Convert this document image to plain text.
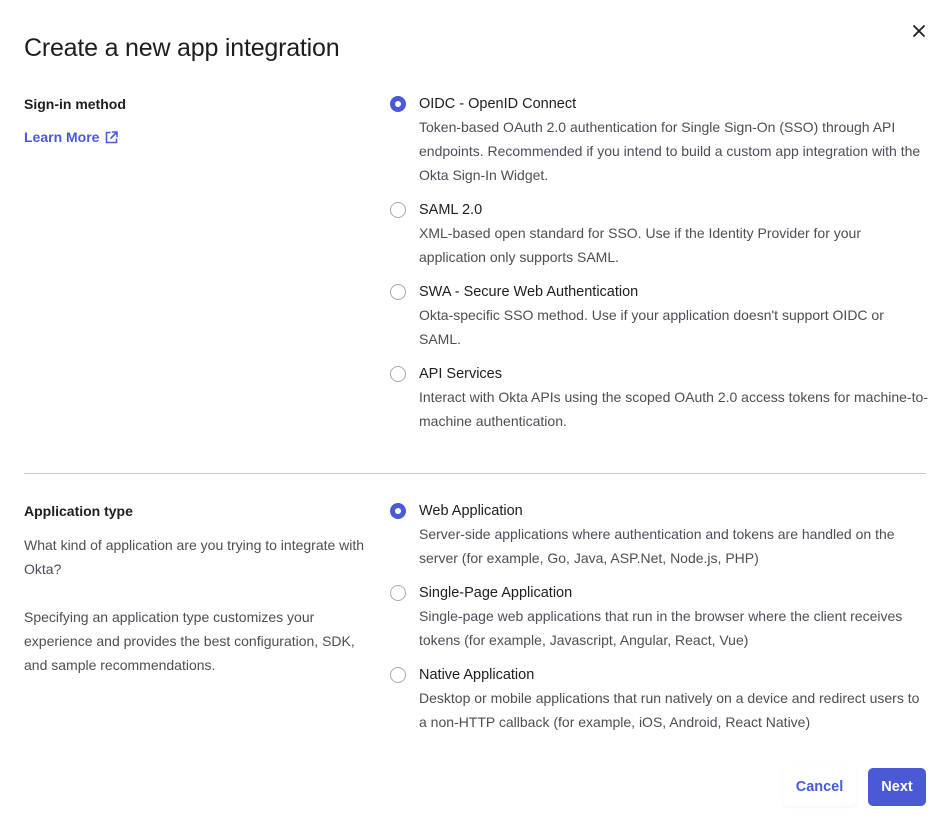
Create a new app integration
Sign-in method
Learn More
OIDC - OpenID Connect

Token-based OAuth 2.0 authentication for Single Sign-On (SSO) through API endpoints. Recommended if you intend to build a custom app integration with the Okta Sign-In Widget.

SAML 2.0

XML-based open standard for SSO. Use if the Identity Provider for your application only supports SAML.

SWA - Secure Web Authentication

Okta-specific SSO method. Use if your application doesn't support OIDC or SAML.

API Services

Interact with Okta APIs using the scoped OAuth 2.0 access tokens for machine-to-machine authentication.

Application type

What kind of application are you trying to integrate with Okta?

Specifying an application type customizes your experience and provides the best configuration, SDK, and sample recommendations.

Web Application

Server-side applications where authentication and tokens are handled on the server (for example, Go, Java, ASP.Net, Node.js, PHP)

Single-Page Application

Single-page web applications that run in the browser where the client receives tokens (for example, Javascript, Angular, React, Vue)

Native Application

Desktop or mobile applications that run natively on a device and redirect users to a non-HTTP callback (for example, iOS, Android, React Native)

Cancel	Next
